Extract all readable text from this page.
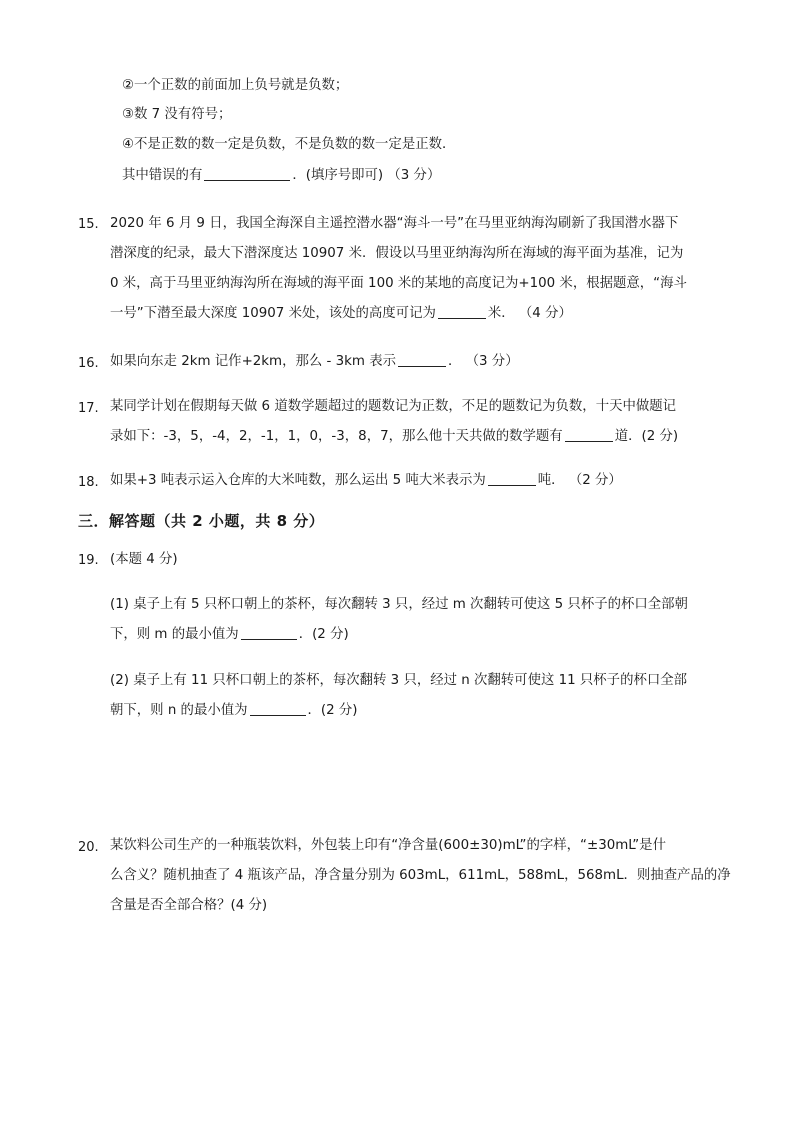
②一个正数的前面加上负号就是负数；
③数 7 没有符号；
④不是正数的数一定是负数，不是负数的数一定是正数．
其中错误的有	．(填序号即可) （3 分）
15. 2020 年 6 月 9 日，我国全海深自主遥控潜水器“海斗一号”在马里亚纳海沟刷新了我国潜水器下
潜深度的纪录，最大下潜深度达 10907 米．假设以马里亚纳海沟所在海域的海平面为基准，记为
0 米，高于马里亚纳海沟所在海域的海平面 100 米的某地的高度记为+100 米，根据题意，“海斗
一号”下潜至最大深度 10907 米处，该处的高度可记为	米． （4 分）
16. 如果向东走 2km 记作+2km，那么 - 3km 表示	． （3 分）
17. 某同学计划在假期每天做 6 道数学题超过的题数记为正数，不足的题数记为负数，十天中做题记
录如下：-3，5，-4，2，-1，1，0，-3，8，7，那么他十天共做的数学题有	道．(2 分)
18. 如果+3 吨表示运入仓库的大米吨数，那么运出 5 吨大米表示为	吨． （2 分）
三．解答题（共 2 小题，共 8 分）
19. (本题 4 分)
(1) 桌子上有 5 只杯口朝上的茶杯，每次翻转 3 只，经过 m 次翻转可使这 5 只杯子的杯口全部朝
下，则 m 的最小值为	．(2 分)
(2) 桌子上有 11 只杯口朝上的茶杯，每次翻转 3 只，经过 n 次翻转可使这 11 只杯子的杯口全部
朝下，则 n 的最小值为	．(2 分)
20. 某饮料公司生产的一种瓶装饮料，外包装上印有“净含量(600±30)mL”的字样，“±30mL”是什
么含义？随机抽查了 4 瓶该产品，净含量分别为 603mL，611mL，588mL，568mL．则抽查产品的净
含量是否全部合格？(4 分)
